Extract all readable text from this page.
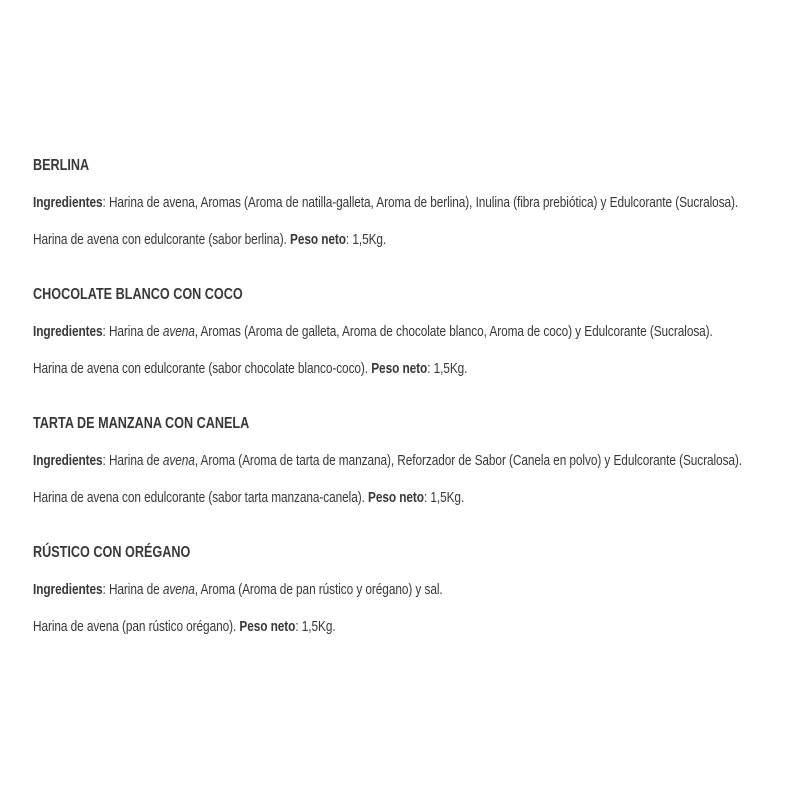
BERLINA

Ingredientes: Harina de avena, Aromas (Aroma de natilla-galleta, Aroma de berlina), Inulina (fibra prebiótica) y Edulcorante (Sucralosa).

Harina de avena con edulcorante (sabor berlina). Peso neto: 1,5Kg.

CHOCOLATE BLANCO CON COCO

Ingredientes: Harina de avena, Aromas (Aroma de galleta, Aroma de chocolate blanco, Aroma de coco) y Edulcorante (Sucralosa).

Harina de avena con edulcorante (sabor chocolate blanco-coco). Peso neto: 1,5Kg.

TARTA DE MANZANA CON CANELA

Ingredientes: Harina de avena, Aroma (Aroma de tarta de manzana), Reforzador de Sabor (Canela en polvo) y Edulcorante (Sucralosa).

Harina de avena con edulcorante (sabor tarta manzana-canela). Peso neto: 1,5Kg.

RÚSTICO CON ORÉGANO

Ingredientes: Harina de avena, Aroma (Aroma de pan rústico y orégano) y sal.

Harina de avena (pan rústico orégano). Peso neto: 1,5Kg.
